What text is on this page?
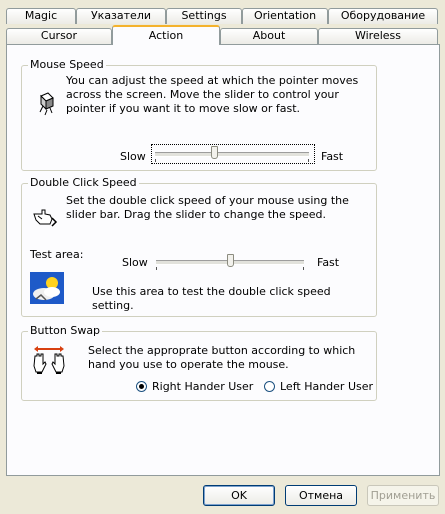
Magic	Указатели	Settings	Orientation	Оборудование
Cursor	Action	About	Wireless
Mouse Speed
You can adjust the speed at which the pointer moves across the screen. Move the slider to control your pointer if you want it to move slow or fast.
Slow	Fast
Double Click Speed
Set the double click speed of your mouse using the slider bar. Drag the slider to change the speed.
Test area:
Slow	Fast
Use this area to test the double click speed setting.
Button Swap
Select the approprate button according to which hand you use to operate the mouse.
Right Hander User Left Hander User
OK	Отмена	Применить
